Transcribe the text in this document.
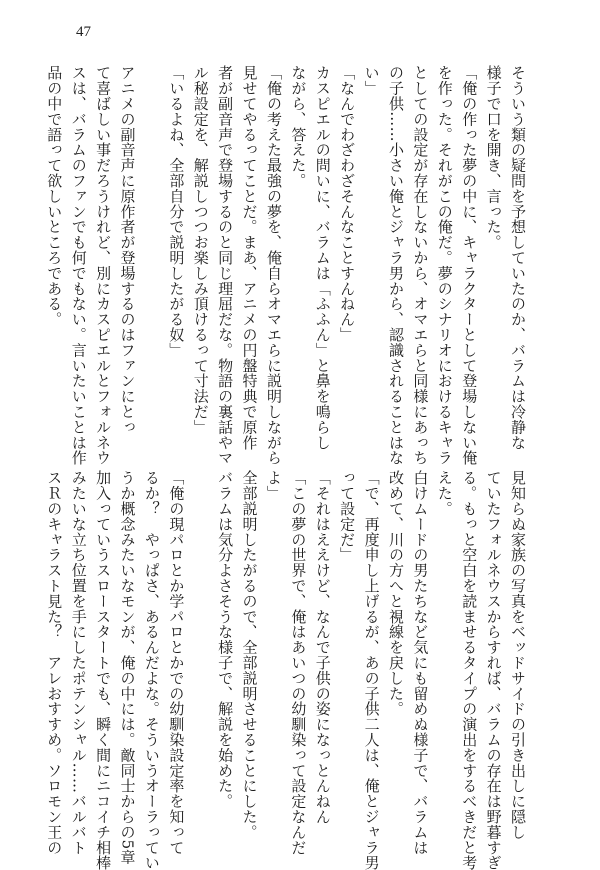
47
そういう類の疑問を予想していたのか、バラムは冷静な
様子で口を開き、言った。
「俺の作った夢の中に、キャラクターとして登場しない俺
を作った。それがこの俺だ。夢のシナリオにおけるキャラ
としての設定が存在しないから、オマエらと同様にあっち
の子供……小さい俺とジャラ男から、認識されることはな
い」
「なんでわざわざそんなことすんねん」
カスピエルの問いに、バラムは「ふふん」と鼻を鳴らし
ながら、答えた。
「俺の考えた最強の夢を、俺自らオマエらに説明しながら
見せてやるってことだ。まあ、アニメの円盤特典で原作
者が副音声で登場するのと同じ理屈だな。物語の裏話やマ
ル秘設定を、解説しつつお楽しみ頂けるって寸法だ」
「いるよね、全部自分で説明したがる奴」
アニメの副音声に原作者が登場するのはファンにとっ
て喜ばしい事だろうけれど、別にカスピエルとフォルネウ
スは、バラムのファンでも何でもない。言いたいことは作
品の中で語って欲しいところである。
見知らぬ家族の写真をベッドサイドの引き出しに隠し
ていたフォルネウスからすれば、バラムの存在は野暮すぎ
る。もっと空白を読ませるタイプの演出をするべきだと考
えた。
白けムードの男たちなど気にも留めぬ様子で、バラムは
改めて、川の方へと視線を戻した。
「で、再度申し上げるが、あの子供二人は、俺とジャラ男
って設定だ」
「それはええけど、なんで子供の姿になっとんねん
「この夢の世界で、俺はあいつの幼馴染って設定なんだ
よ」
全部説明したがるので、全部説明させることにした。
バラムは気分よさそうな様子で、解説を始めた。
「俺の現パロとか学パロとかでの幼馴染設定率を知って
るか？　やっぱさ、あるんだよな。そういうオーラってい
うか概念みたいなモンが、俺の中には。敵同士からの5章
加入っていうスロースタートでも、瞬く間にニコイチ相棒
みたいな立ち位置を手にしたポテンシャル……バルバト
スＲのキャラスト見た？　アレおすすめ。ソロモン王の
